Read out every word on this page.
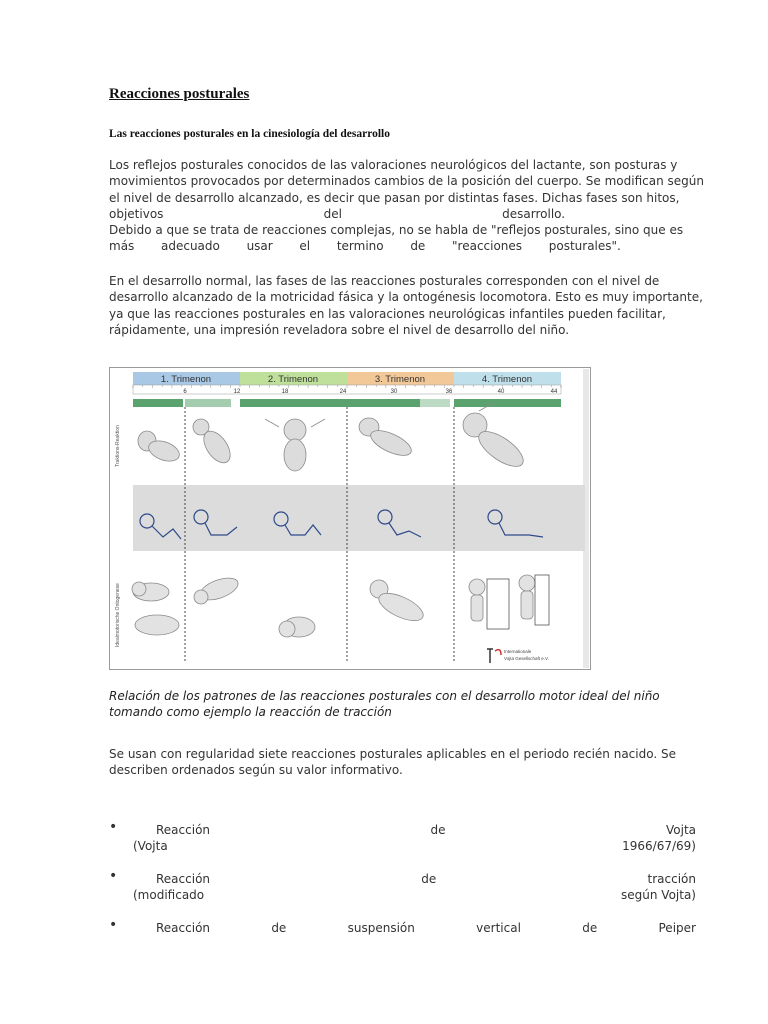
Reacciones posturales
Las reacciones posturales en la cinesiología del desarrollo
Los reflejos posturales conocidos de las valoraciones neurológicos del lactante, son posturas y
movimientos provocados por determinados cambios de la posición del cuerpo. Se modifican según
el nivel de desarrollo alcanzado, es decir que pasan por distintas fases. Dichas fases son hitos,
objetivos                                          del                                          desarrollo.
Debido a que se trata de reacciones complejas, no se habla de "reflejos posturales, sino que es
más       adecuado       usar       el       termino       de       "reacciones       posturales".
En el desarrollo normal, las fases de las reacciones posturales corresponden con el nivel de
desarrollo alcanzado de la motricidad fásica y la ontogénesis locomotora. Esto es muy importante,
ya que las reacciones posturales en las valoraciones neurológicas infantiles pueden facilitar,
rápidamente, una impresión reveladora sobre el nivel de desarrollo del niño.
1. Trimenon	2. Trimenon	3. Trimenon	4. Trimenon
6	12	18	24	30	36	40	44
Traktions-Reaktion
Idealmotorische Ontogenese
Internationale
Vojta Gesellschaft e.V.
Relación de los patrones de las reacciones posturales con el desarrollo motor ideal del niño
tomando como ejemplo la reacción de tracción
Se usan con regularidad siete reacciones posturales aplicables en el periodo recién nacido. Se
describen ordenados según su valor informativo.
•	Reacción	de	Vojta
(Vojta	1966/67/69)
•	Reacción	de	tracción
(modificado	según Vojta)
•	Reacción	de	suspensión	vertical	de	Peiper
